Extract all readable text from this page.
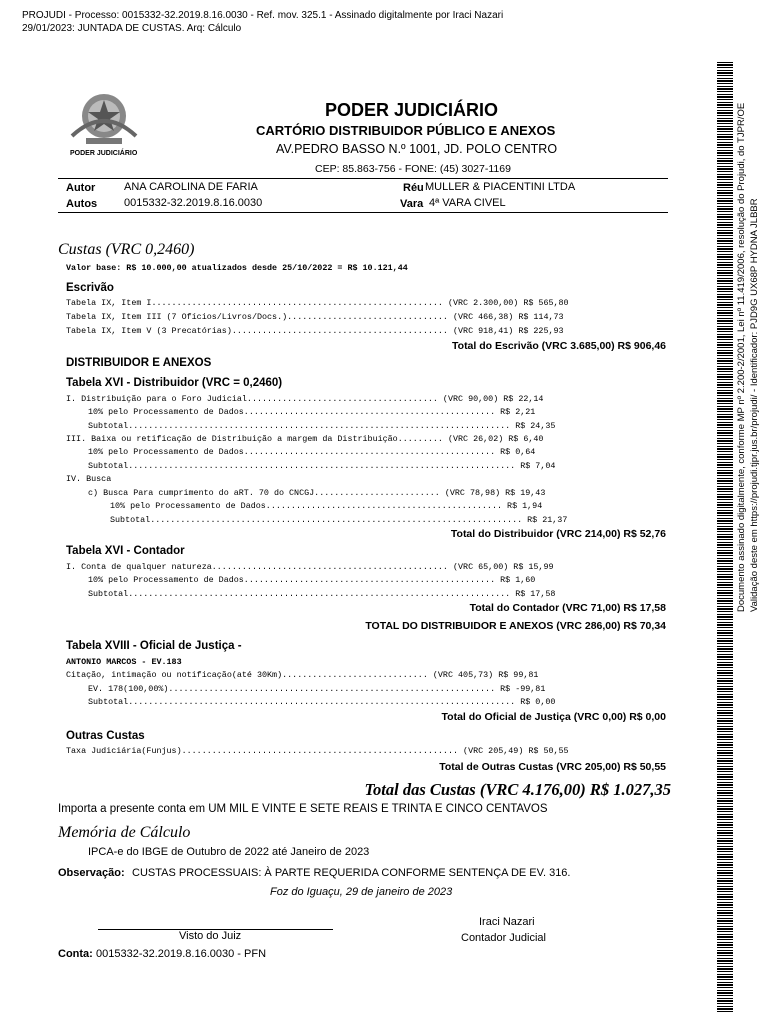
PROJUDI - Processo: 0015332-32.2019.8.16.0030 - Ref. mov. 325.1 - Assinado digitalmente por Iraci Nazari
29/01/2023: JUNTADA DE CUSTAS. Arq: Cálculo
PODER JUDICIÁRIO
PODER JUDICIÁRIO
CARTÓRIO DISTRIBUIDOR PÚBLICO E ANEXOS
AV.PEDRO BASSO N.º 1001, JD. POLO CENTRO
CEP: 85.863-756 - FONE: (45) 3027-1169
Autor	ANA CAROLINA DE FARIA
Autos 0015332-32.2019.8.16.0030
Réu MULLER & PIACENTINI LTDA
Vara 4ª VARA CIVEL
Custas (VRC 0,2460)
Valor base: R$ 10.000,00 atualizados desde 25/10/2022 = R$ 10.121,44
Escrivão
Tabela IX, Item I.......................................................... (VRC 2.300,00) R$ 565,80
Tabela IX, Item III (7 Ofícios/Livros/Docs.)................................ (VRC 466,38) R$ 114,73
Tabela IX, Item V (3 Precatórias)........................................... (VRC 918,41) R$ 225,93
Total do Escrivão (VRC 3.685,00) R$ 906,46
DISTRIBUIDOR E ANEXOS
Tabela XVI - Distribuidor (VRC = 0,2460)
I. Distribuição para o Foro Judicial...................................... (VRC 90,00) R$ 22,14
10% pelo Processamento de Dados.................................................. R$ 2,21
Subtotal............................................................................ R$ 24,35
III. Baixa ou retificação de Distribuição a margem da Distribuição......... (VRC 26,02) R$ 6,40
10% pelo Processamento de Dados.................................................. R$ 0,64
Subtotal............................................................................. R$ 7,04
IV. Busca
c) Busca Para cumprimento do aRT. 70 do CNCGJ......................... (VRC 78,98) R$ 19,43
10% pelo Processamento de Dados............................................... R$ 1,94
Subtotal.......................................................................... R$ 21,37
Total do Distribuidor (VRC 214,00) R$ 52,76
Tabela XVI - Contador
I. Conta de qualquer natureza............................................... (VRC 65,00) R$ 15,99
10% pelo Processamento de Dados.................................................. R$ 1,60
Subtotal............................................................................ R$ 17,58
Total do Contador (VRC 71,00) R$ 17,58
TOTAL DO DISTRIBUIDOR E ANEXOS (VRC 286,00) R$ 70,34
Tabela XVIII - Oficial de Justiça -
ANTONIO MARCOS - EV.183
Citação, intimação ou notificação(até 30Km)............................. (VRC 405,73) R$ 99,81
EV. 178(100,00%)................................................................. R$ -99,81
Subtotal............................................................................. R$ 0,00
Total do Oficial de Justiça (VRC 0,00) R$ 0,00
Outras Custas
Taxa Judiciária(Funjus)....................................................... (VRC 205,49) R$ 50,55
Total de Outras Custas (VRC 205,00) R$ 50,55
Total das Custas (VRC 4.176,00) R$ 1.027,35
Importa a presente conta em UM MIL E VINTE E SETE REAIS E TRINTA E CINCO CENTAVOS
Memória de Cálculo
IPCA-e do IBGE de Outubro de 2022 até Janeiro de 2023
Observação: CUSTAS PROCESSUAIS: À PARTE REQUERIDA CONFORME SENTENÇA DE EV. 316.
Foz do Iguaçu, 29 de janeiro de 2023
Iraci Nazari
Contador Judicial
Visto do Juiz
Conta: 0015332-32.2019.8.16.0030 - PFN
Documento assinado digitalmente, conforme MP nº 2.200-2/2001, Lei nº 11.419/2006, resolução do Projudi, do TJPR/OE Validação deste em https://projudi.tjpr.jus.br/projudi/ - Identificador: PJD9G UX68P HYDNA JLBBR
